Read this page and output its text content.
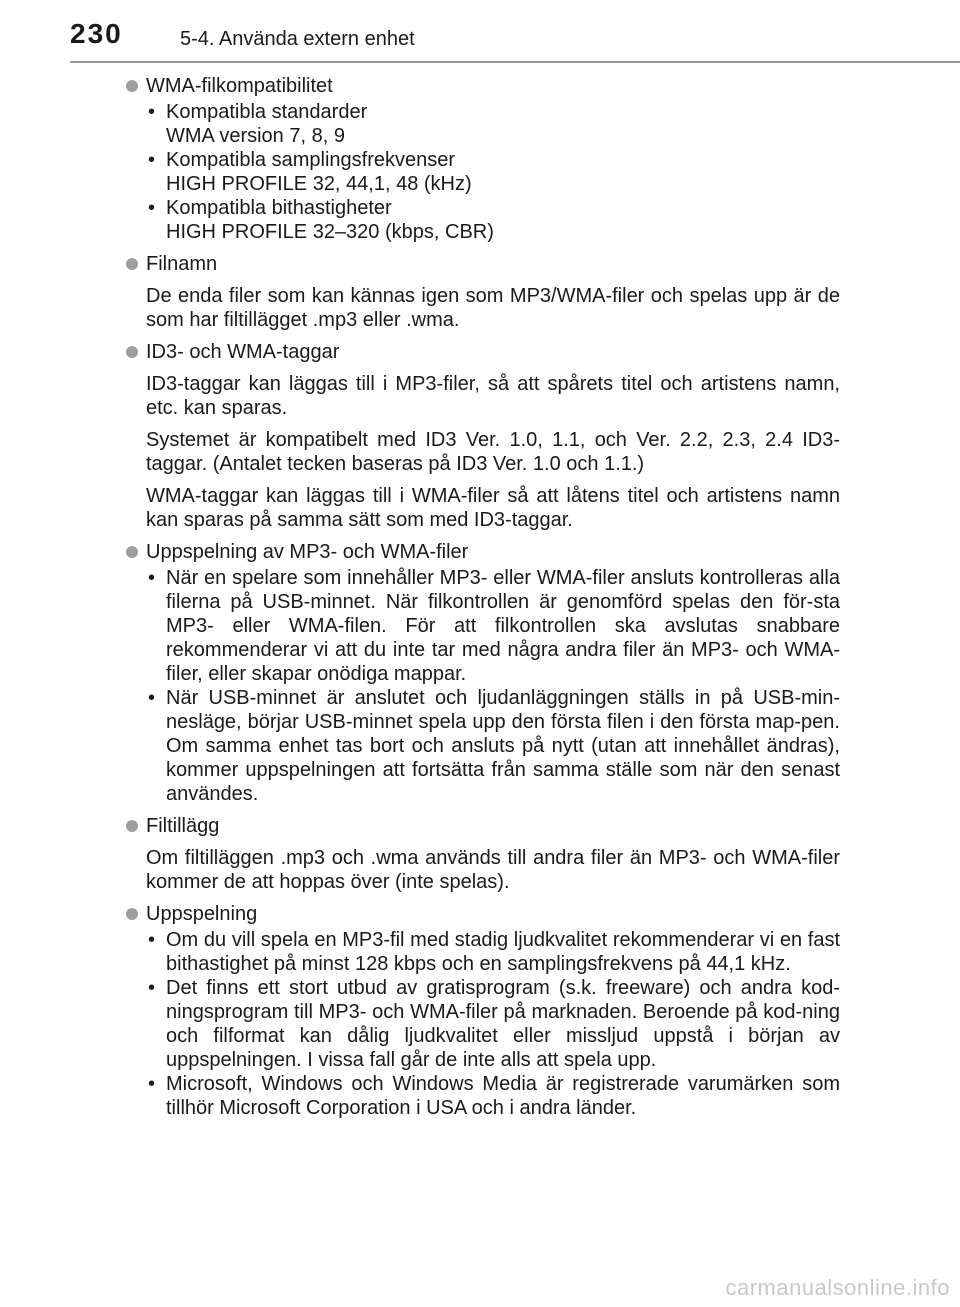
230	5-4. Använda extern enhet
WMA-filkompatibilitet
• Kompatibla standarder
WMA version 7, 8, 9
• Kompatibla samplingsfrekvenser
HIGH PROFILE 32, 44,1, 48 (kHz)
• Kompatibla bithastigheter
HIGH PROFILE 32–320 (kbps, CBR)
Filnamn
De enda filer som kan kännas igen som MP3/WMA-filer och spelas upp är de som har filtillägget .mp3 eller .wma.
ID3- och WMA-taggar
ID3-taggar kan läggas till i MP3-filer, så att spårets titel och artistens namn, etc. kan sparas.
Systemet är kompatibelt med ID3 Ver. 1.0, 1.1, och Ver. 2.2, 2.3, 2.4 ID3-taggar. (Antalet tecken baseras på ID3 Ver. 1.0 och 1.1.)
WMA-taggar kan läggas till i WMA-filer så att låtens titel och artistens namn kan sparas på samma sätt som med ID3-taggar.
Uppspelning av MP3- och WMA-filer
• När en spelare som innehåller MP3- eller WMA-filer ansluts kontrolleras alla filerna på USB-minnet. När filkontrollen är genomförd spelas den för-sta MP3- eller WMA-filen. För att filkontrollen ska avslutas snabbare rekommenderar vi att du inte tar med några andra filer än MP3- och WMA-filer, eller skapar onödiga mappar.
• När USB-minnet är anslutet och ljudanläggningen ställs in på USB-min-nesläge, börjar USB-minnet spela upp den första filen i den första map-pen. Om samma enhet tas bort och ansluts på nytt (utan att innehållet ändras), kommer uppspelningen att fortsätta från samma ställe som när den senast användes.
Filtillägg
Om filtilläggen .mp3 och .wma används till andra filer än MP3- och WMA-filer kommer de att hoppas över (inte spelas).
Uppspelning
• Om du vill spela en MP3-fil med stadig ljudkvalitet rekommenderar vi en fast bithastighet på minst 128 kbps och en samplingsfrekvens på 44,1 kHz.
• Det finns ett stort utbud av gratisprogram (s.k. freeware) och andra kod-ningsprogram till MP3- och WMA-filer på marknaden. Beroende på kod-ning och filformat kan dålig ljudkvalitet eller missljud uppstå i början av uppspelningen. I vissa fall går de inte alls att spela upp.
• Microsoft, Windows och Windows Media är registrerade varumärken som tillhör Microsoft Corporation i USA och i andra länder.
carmanualsonline.info
